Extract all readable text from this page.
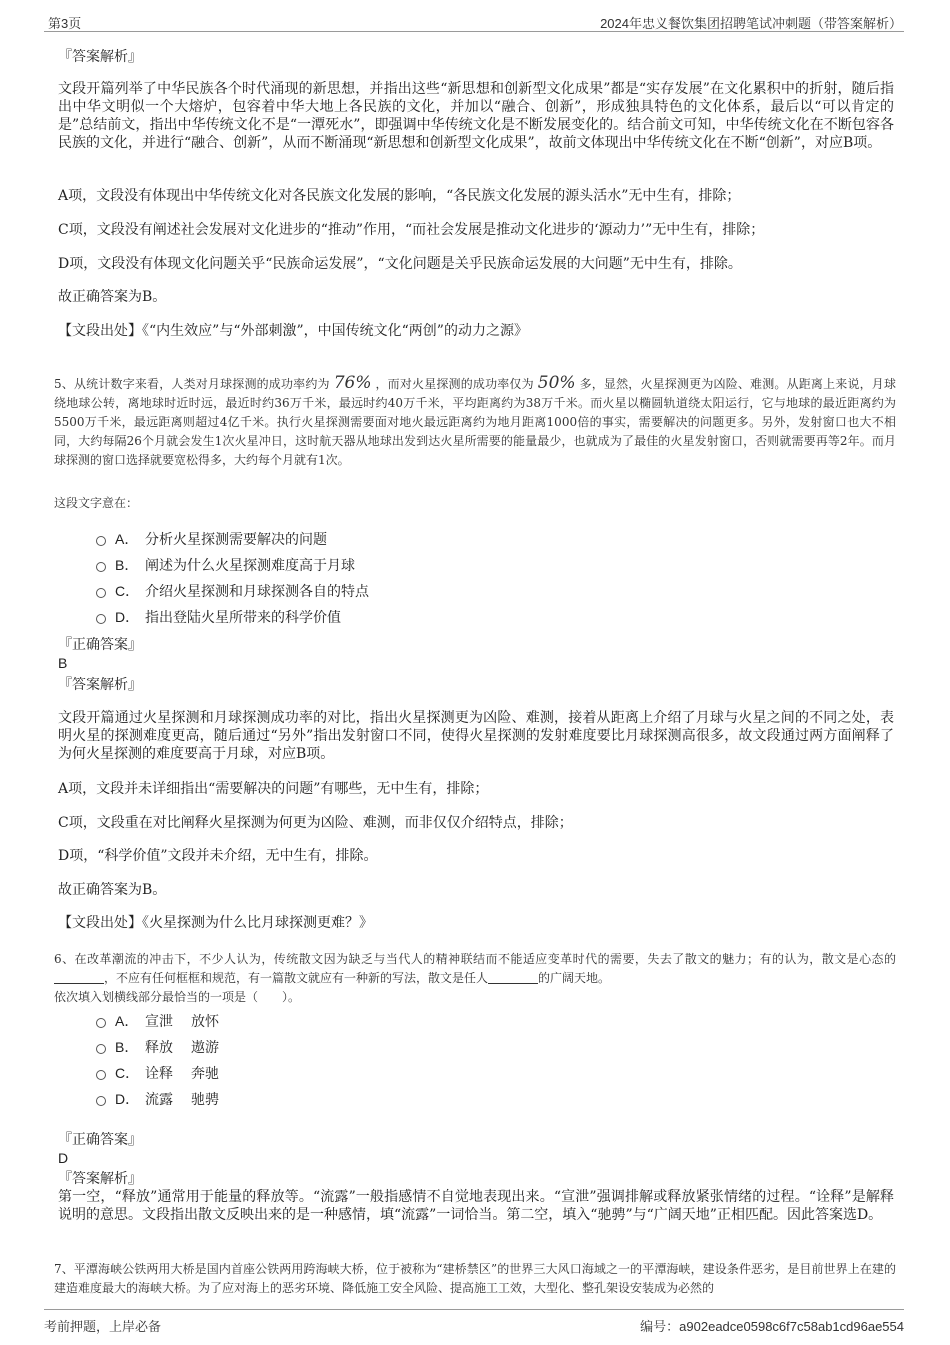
第3页	2024年忠义餐饮集团招聘笔试冲刺题（带答案解析）
『答案解析』
文段开篇列举了中华民族各个时代涌现的新思想，并指出这些“新思想和创新型文化成果”都是“实存发展”在文化累积中的折射，随后指出中华文明似一个大熔炉，包容着中华大地上各民族的文化，并加以“融合、创新”，形成独具特色的文化体系，最后以“可以肯定的是”总结前文，指出中华传统文化不是“一潭死水”，即强调中华传统文化是不断发展变化的。结合前文可知，中华传统文化在不断包容各民族的文化，并进行“融合、创新”，从而不断涌现“新思想和创新型文化成果”，故前文体现出中华传统文化在不断“创新”，对应B项。
A项，文段没有体现出中华传统文化对各民族文化发展的影响，“各民族文化发展的源头活水”无中生有，排除；
C项，文段没有阐述社会发展对文化进步的“推动”作用，“而社会发展是推动文化进步的‘源动力’”无中生有，排除；
D项，文段没有体现文化问题关乎“民族命运发展”，“文化问题是关乎民族命运发展的大问题”无中生有，排除。
故正确答案为B。
【文段出处】《“内生效应”与“外部刺激”，中国传统文化“两创”的动力之源》
5、从统计数字来看，人类对月球探测的成功率约为 76% ，而对火星探测的成功率仅为 50% 多，显然，火星探测更为凶险、难测。从距离上来说，月球绕地球公转，离地球时近时远，最近时约36万千米，最远时约40万千米，平均距离约为38万千米。而火星以椭圆轨道绕太阳运行，它与地球的最近距离约为5500万千米，最远距离则超过4亿千米。执行火星探测需要面对地火最远距离约为地月距离1000倍的事实，需要解决的问题更多。另外，发射窗口也大不相同，大约每隔26个月就会发生1次火星冲日，这时航天器从地球出发到达火星所需要的能量最少，也就成为了最佳的火星发射窗口，否则就需要再等2年。而月球探测的窗口选择就要宽松得多，大约每个月就有1次。
这段文字意在：
A． 分析火星探测需要解决的问题
B． 阐述为什么火星探测难度高于月球
C． 介绍火星探测和月球探测各自的特点
D． 指出登陆火星所带来的科学价值
『正确答案』
B
『答案解析』
文段开篇通过火星探测和月球探测成功率的对比，指出火星探测更为凶险、难测，接着从距离上介绍了月球与火星之间的不同之处，表明火星的探测难度更高，随后通过“另外”指出发射窗口不同，使得火星探测的发射难度要比月球探测高很多，故文段通过两方面阐释了为何火星探测的难度要高于月球，对应B项。
A项，文段并未详细指出“需要解决的问题”有哪些，无中生有，排除；
C项，文段重在对比阐释火星探测为何更为凶险、难测，而非仅仅介绍特点，排除；
D项，“科学价值”文段并未介绍，无中生有，排除。
故正确答案为B。
【文段出处】《火星探测为什么比月球探测更难？》
6、在改革潮流的冲击下，不少人认为，传统散文因为缺乏与当代人的精神联结而不能适应变革时代的需要，失去了散文的魅力；有的认为，散文是心态的，不应有任何框框和规范，有一篇散文就应有一种新的写法，散文是任人	的广阔天地。
依次填入划横线部分最恰当的一项是（　　）。
A． 宣泄 放怀
B． 释放 遨游
C． 诠释 奔驰
D． 流露 驰骋
『正确答案』
D
『答案解析』
第一空，“释放”通常用于能量的释放等。“流露”一般指感情不自觉地表现出来。“宣泄”强调排解或释放紧张情绪的过程。“诠释”是解释说明的意思。文段指出散文反映出来的是一种感情，填“流露”一词恰当。第二空，填入“驰骋”与“广阔天地”正相匹配。因此答案选D。
7、平潭海峡公铁两用大桥是国内首座公铁两用跨海峡大桥，位于被称为“建桥禁区”的世界三大风口海域之一的平潭海峡，建设条件恶劣，是目前世界上在建的建造难度最大的海峡大桥。为了应对海上的恶劣环境、降低施工安全风险、提高施工工效，大型化、整孔架设安装成为必然的
考前押题，上岸必备	编号：a902eadce0598c6f7c58ab1cd96ae554
